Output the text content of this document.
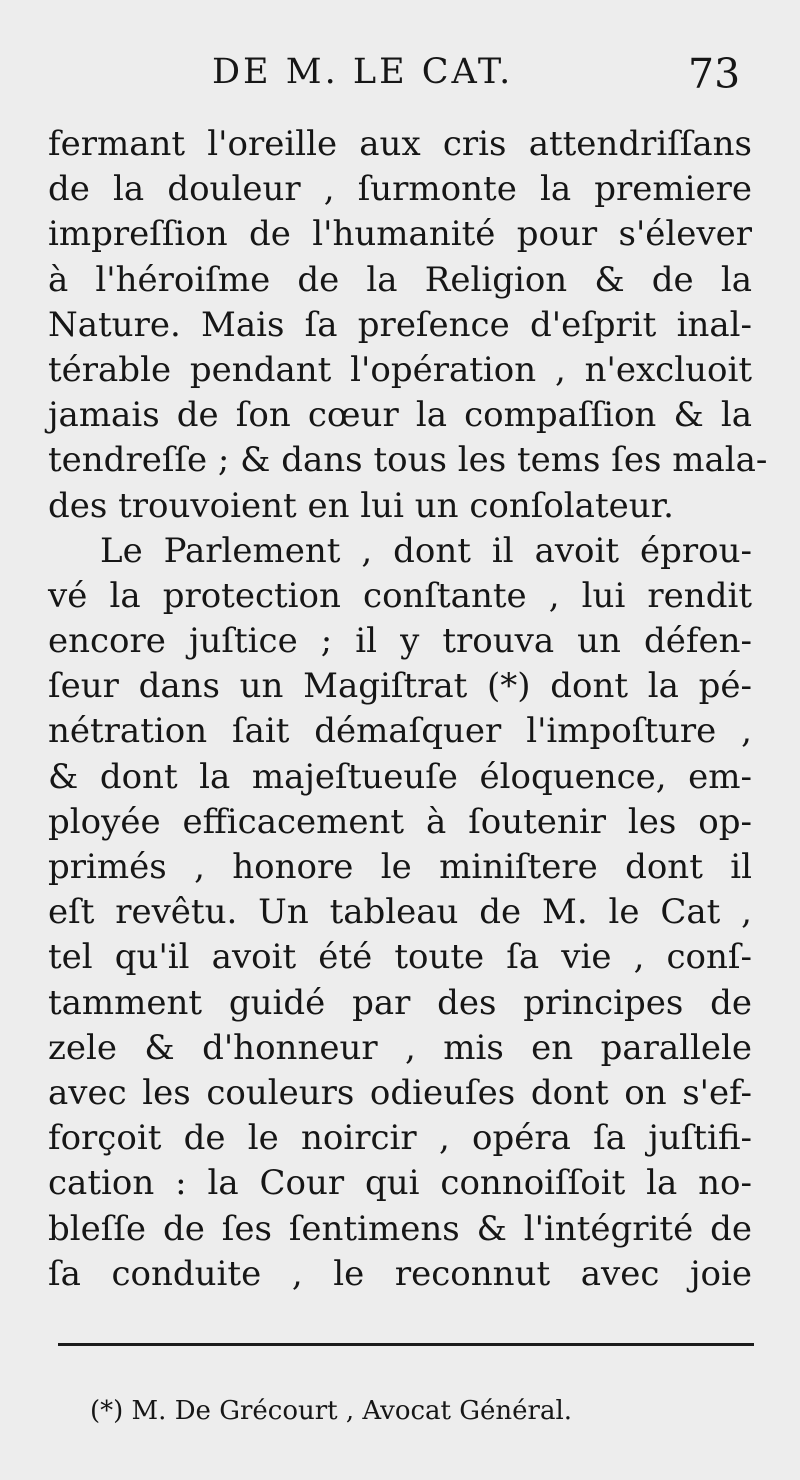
DE M. LE CAT.	73
fermant l'oreille aux cris attendriſſans
de la douleur , ſurmonte la premiere
impreſſion de l'humanité pour s'élever
à l'héroiſme de la Religion & de la
Nature. Mais ſa preſence d'eſprit inal-
térable pendant l'opération , n'excluoit
jamais de ſon cœur la compaſſion & la
tendreſſe ; & dans tous les tems ſes mala-
des trouvoient en lui un conſolateur.
Le Parlement , dont il avoit éprou-
vé la protection conſtante , lui rendit
encore juſtice ; il y trouva un défen-
ſeur dans un Magiſtrat (*) dont la pé-
nétration ſait démaſquer l'impoſture ,
& dont la majeſtueuſe éloquence, em-
ployée efficacement à ſoutenir les op-
primés , honore le miniſtere dont il
eſt revêtu. Un tableau de M. le Cat ,
tel qu'il avoit été toute ſa vie , conſ-
tamment guidé par des principes de
zele & d'honneur , mis en parallele
avec les couleurs odieuſes dont on s'ef-
forçoit de le noircir , opéra ſa juſtifi-
cation : la Cour qui connoiſſoit la no-
bleſſe de ſes ſentimens & l'intégrité de
ſa conduite , le reconnut avec joie
(*) M. De Grécourt , Avocat Général.
